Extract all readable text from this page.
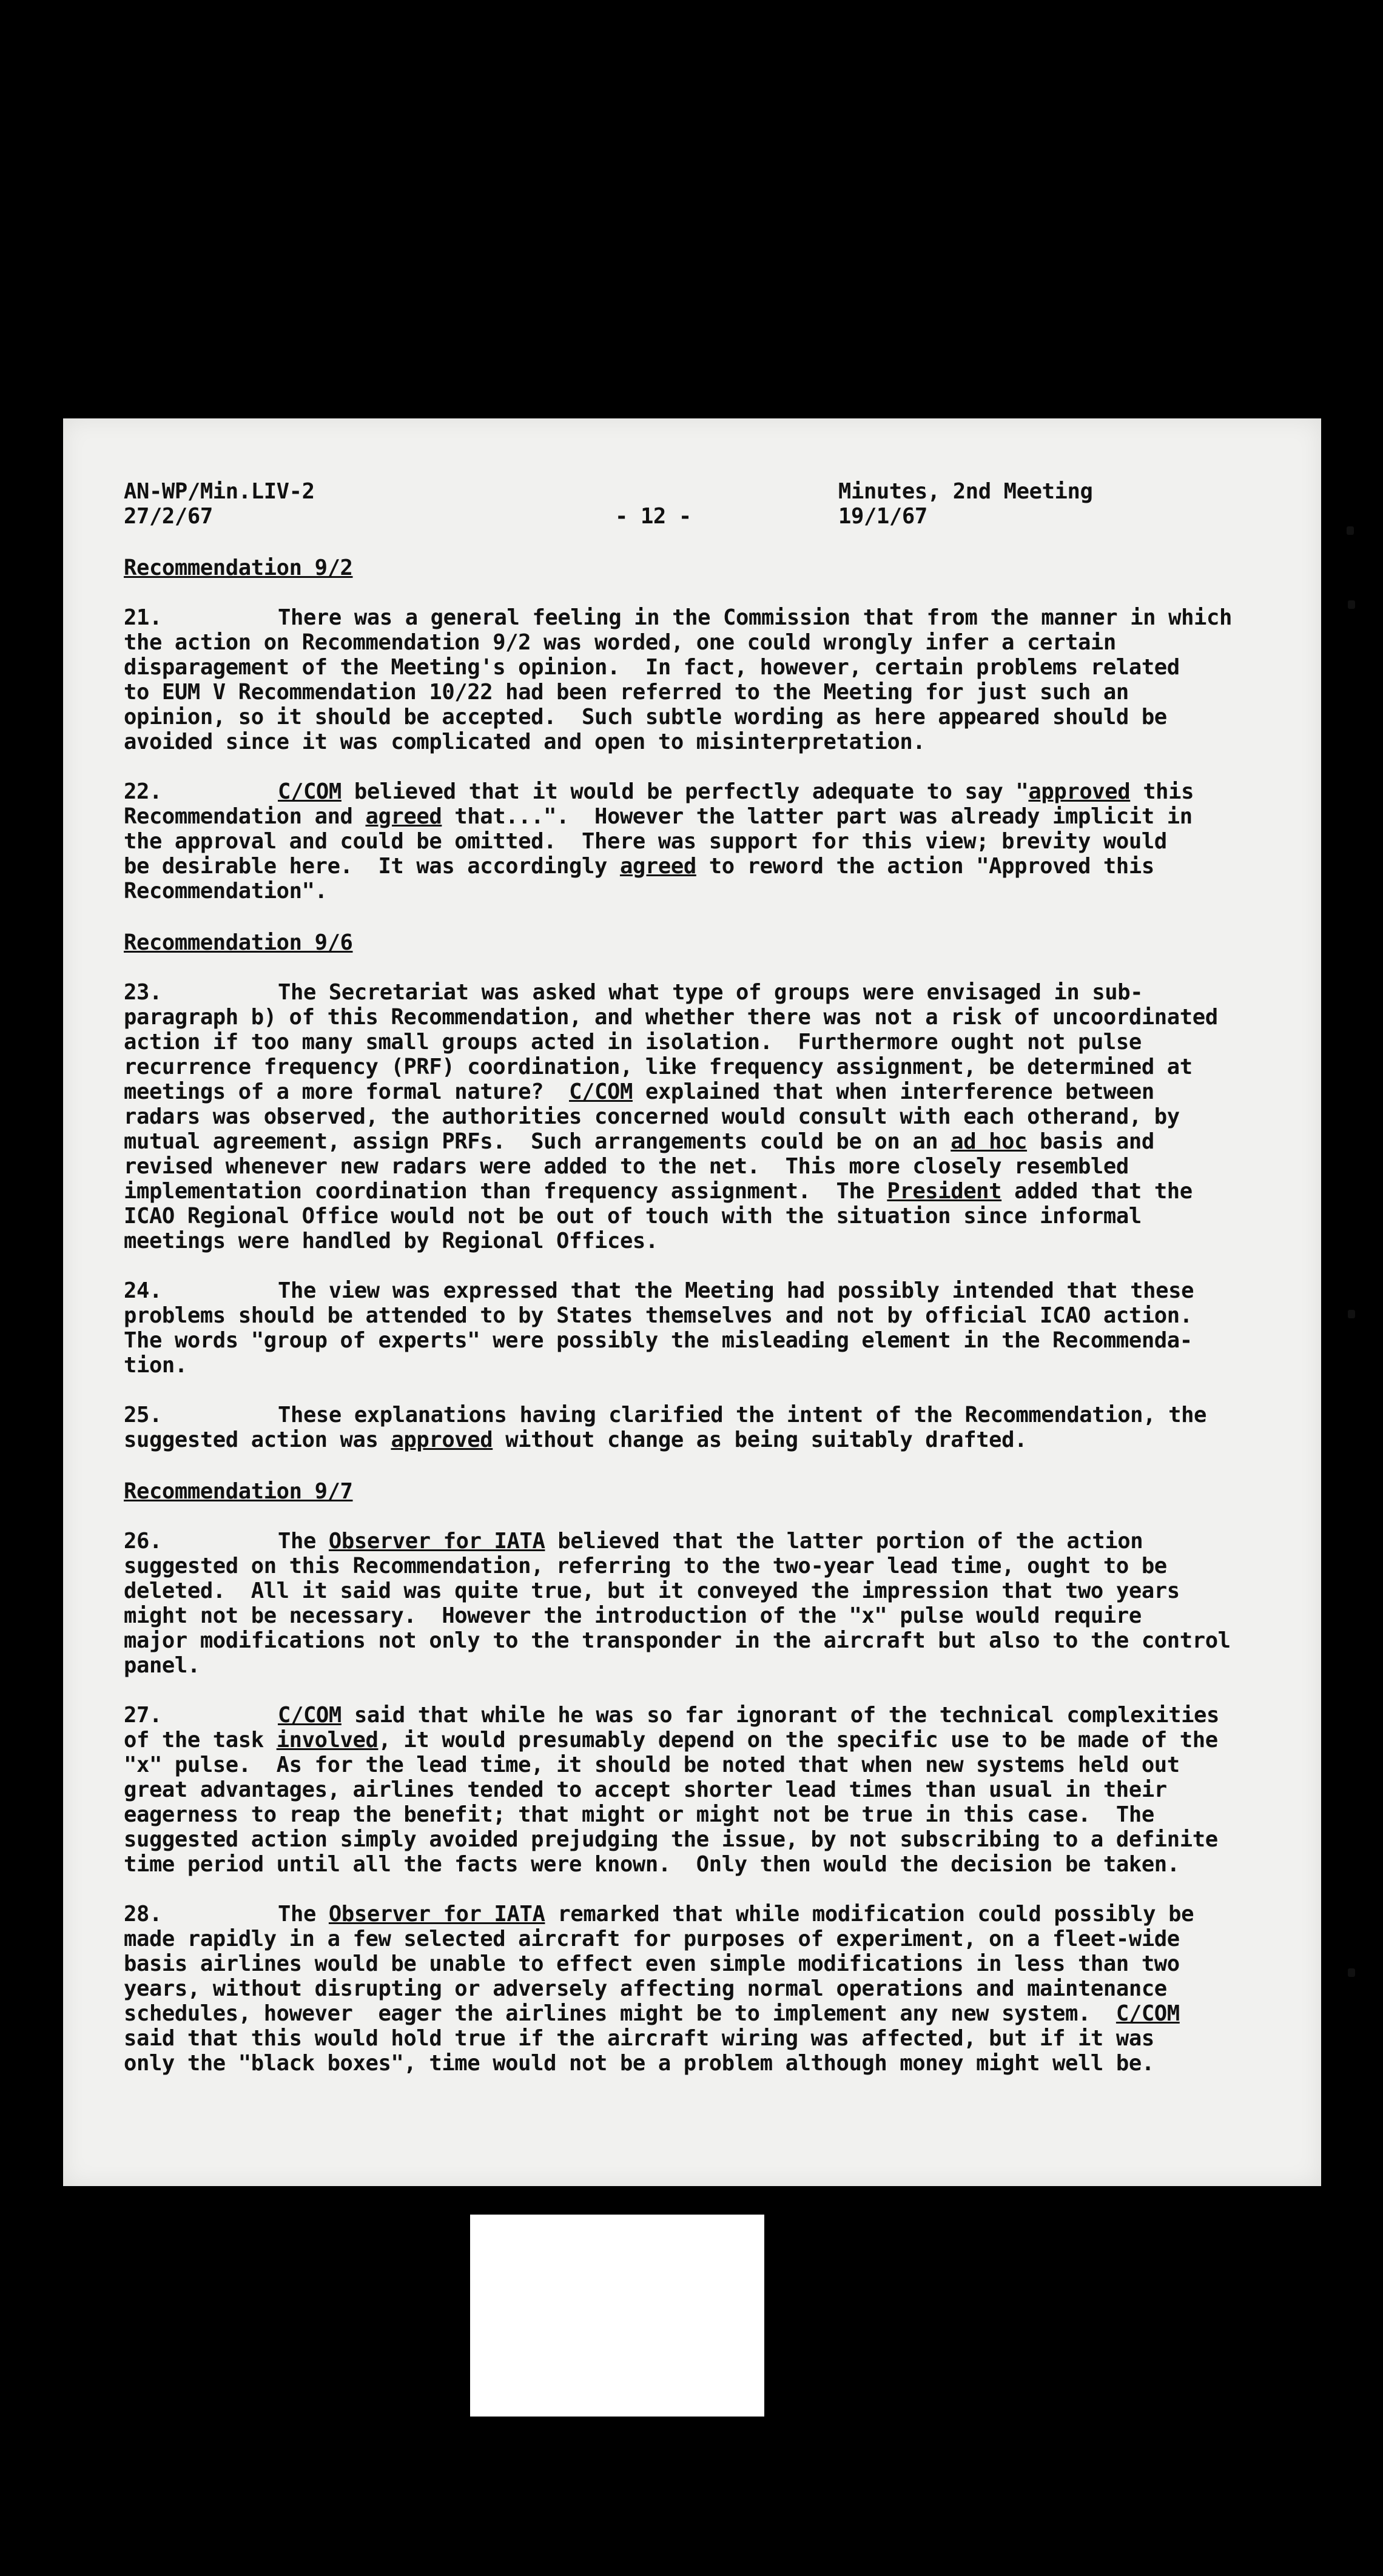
AN-WP/Min.LIV-2
27/2/67	- 12 -
Minutes, 2nd Meeting
19/1/67
Recommendation 9/2
21.	There was a general feeling in the Commission that from the manner in which
the action on Recommendation 9/2 was worded, one could wrongly infer a certain
disparagement of the Meeting's opinion.  In fact, however, certain problems related
to EUM V Recommendation 10/22 had been referred to the Meeting for just such an
opinion, so it should be accepted.  Such subtle wording as here appeared should be
avoided since it was complicated and open to misinterpretation.
22.	C/COM believed that it would be perfectly adequate to say "approved this
Recommendation and agreed that...".  However the latter part was already implicit in
the approval and could be omitted.  There was support for this view; brevity would
be desirable here.  It was accordingly agreed to reword the action "Approved this
Recommendation".
Recommendation 9/6
23.	The Secretariat was asked what type of groups were envisaged in sub-
paragraph b) of this Recommendation, and whether there was not a risk of uncoordinated
action if too many small groups acted in isolation.  Furthermore ought not pulse
recurrence frequency (PRF) coordination, like frequency assignment, be determined at
meetings of a more formal nature?  C/COM explained that when interference between
radars was observed, the authorities concerned would consult with each otherand, by
mutual agreement, assign PRFs.  Such arrangements could be on an ad hoc basis and
revised whenever new radars were added to the net.  This more closely resembled
implementation coordination than frequency assignment.  The President added that the
ICAO Regional Office would not be out of touch with the situation since informal
meetings were handled by Regional Offices.
24.	The view was expressed that the Meeting had possibly intended that these
problems should be attended to by States themselves and not by official ICAO action.
The words "group of experts" were possibly the misleading element in the Recommenda-
tion.
25.	These explanations having clarified the intent of the Recommendation, the
suggested action was approved without change as being suitably drafted.
Recommendation 9/7
26.	The Observer for IATA believed that the latter portion of the action
suggested on this Recommendation, referring to the two-year lead time, ought to be
deleted.  All it said was quite true, but it conveyed the impression that two years
might not be necessary.  However the introduction of the "x" pulse would require
major modifications not only to the transponder in the aircraft but also to the control
panel.
27.	C/COM said that while he was so far ignorant of the technical complexities
of the task involved, it would presumably depend on the specific use to be made of the
"x" pulse.  As for the lead time, it should be noted that when new systems held out
great advantages, airlines tended to accept shorter lead times than usual in their
eagerness to reap the benefit; that might or might not be true in this case.  The
suggested action simply avoided prejudging the issue, by not subscribing to a definite
time period until all the facts were known.  Only then would the decision be taken.
28.	The Observer for IATA remarked that while modification could possibly be
made rapidly in a few selected aircraft for purposes of experiment, on a fleet-wide
basis airlines would be unable to effect even simple modifications in less than two
years, without disrupting or adversely affecting normal operations and maintenance
schedules, however  eager the airlines might be to implement any new system.  C/COM
said that this would hold true if the aircraft wiring was affected, but if it was
only the "black boxes", time would not be a problem although money might well be.
